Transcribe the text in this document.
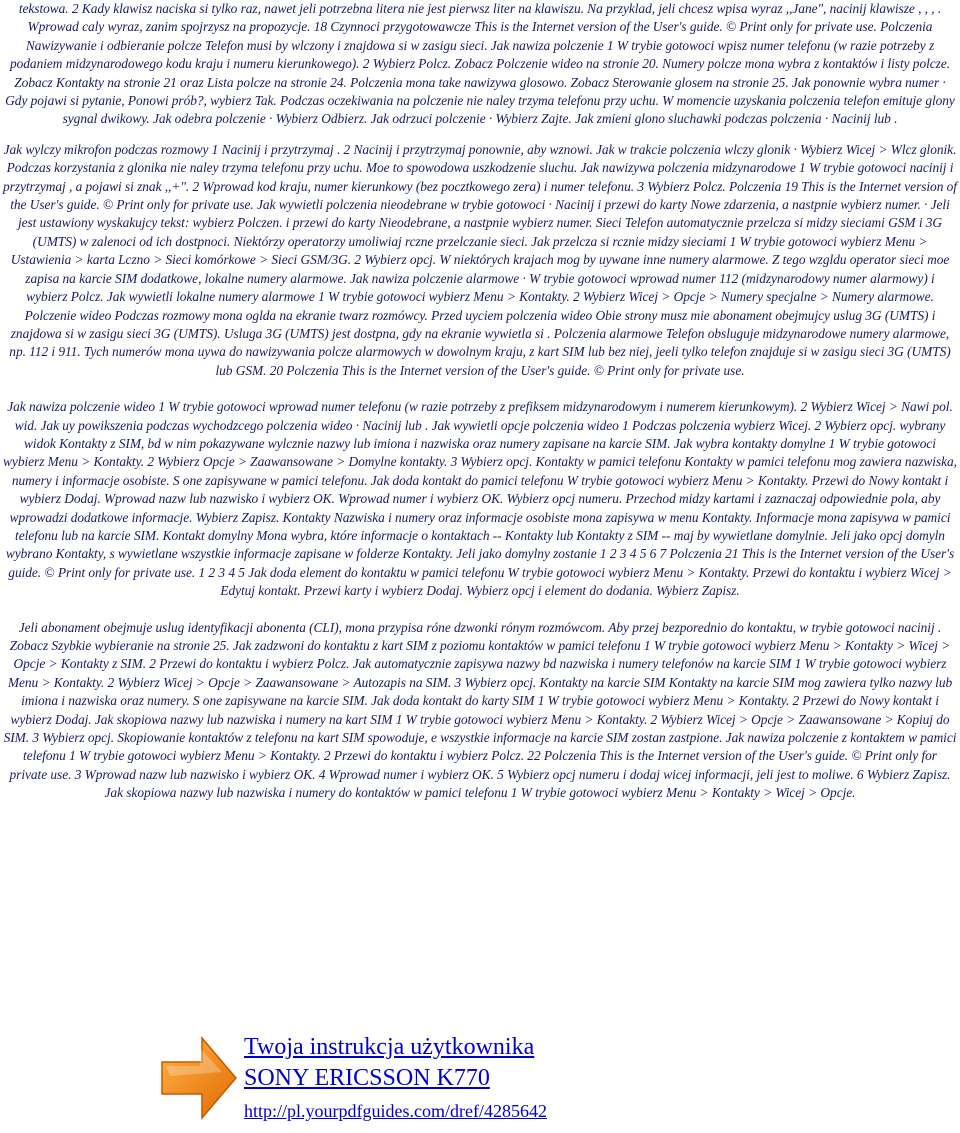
tekstowa. 2 Kady klawisz naciska si tylko raz, nawet jeli potrzebna litera nie jest pierwsz liter na klawiszu. Na przyklad, jeli chcesz wpisa wyraz ,,Jane", nacinij klawisze , , , . Wprowad caly wyraz, zanim spojrzysz na propozycje. 18 Czynnoci przygotowawcze This is the Internet version of the User's guide. © Print only for private use. Polczenia Nawizywanie i odbieranie polcze Telefon musi by wlczony i znajdowa si w zasigu sieci. Jak nawiza polczenie 1 W trybie gotowoci wpisz numer telefonu (w razie potrzeby z podaniem midzynarodowego kodu kraju i numeru kierunkowego). 2 Wybierz Polcz. Zobacz Polczenie wideo na stronie 20. Numery polcze mona wybra z kontaktów i listy polcze. Zobacz Kontakty na stronie 21 oraz Lista polcze na stronie 24. Polczenia mona take nawizywa glosowo. Zobacz Sterowanie glosem na stronie 25. Jak ponownie wybra numer · Gdy pojawi si pytanie, Ponowi prób?, wybierz Tak. Podczas oczekiwania na polczenie nie naley trzyma telefonu przy uchu. W momencie uzyskania polczenia telefon emituje glony sygnal dwikowy. Jak odebra polczenie · Wybierz Odbierz. Jak odrzuci polczenie · Wybierz Zajte. Jak zmieni glono sluchawki podczas polczenia · Nacinij lub .

Jak wylczy mikrofon podczas rozmowy 1 Nacinij i przytrzymaj . 2 Nacinij i przytrzymaj ponownie, aby wznowi. Jak w trakcie polczenia wlczy glonik · Wybierz Wicej > Wlcz glonik. Podczas korzystania z glonika nie naley trzyma telefonu przy uchu. Moe to spowodowa uszkodzenie sluchu. Jak nawizywa polczenia midzynarodowe 1 W trybie gotowoci nacinij i przytrzymaj , a pojawi si znak ,,+". 2 Wprowad kod kraju, numer kierunkowy (bez pocztkowego zera) i numer telefonu. 3 Wybierz Polcz. Polczenia 19 This is the Internet version of the User's guide. © Print only for private use. Jak wywietli polczenia nieodebrane w trybie gotowoci · Nacinij i przewi do karty Nowe zdarzenia, a nastpnie wybierz numer. · Jeli jest ustawiony wyskakujcy tekst: wybierz Polczen. i przewi do karty Nieodebrane, a nastpnie wybierz numer. Sieci Telefon automatycznie przelcza si midzy sieciami GSM i 3G (UMTS) w zalenoci od ich dostpnoci. Niektórzy operatorzy umoliwiaj rczne przelczanie sieci. Jak przelcza si rcznie midzy sieciami 1 W trybie gotowoci wybierz Menu > Ustawienia > karta Lczno > Sieci komórkowe > Sieci GSM/3G. 2 Wybierz opcj. W niektórych krajach mog by uywane inne numery alarmowe. Z tego wzgldu operator sieci moe zapisa na karcie SIM dodatkowe, lokalne numery alarmowe. Jak nawiza polczenie alarmowe · W trybie gotowoci wprowad numer 112 (midzynarodowy numer alarmowy) i wybierz Polcz. Jak wywietli lokalne numery alarmowe 1 W trybie gotowoci wybierz Menu > Kontakty. 2 Wybierz Wicej > Opcje > Numery specjalne > Numery alarmowe. Polczenie wideo Podczas rozmowy mona oglda na ekranie twarz rozmówcy. Przed uyciem polczenia wideo Obie strony musz mie abonament obejmujcy uslug 3G (UMTS) i znajdowa si w zasigu sieci 3G (UMTS). Usluga 3G (UMTS) jest dostpna, gdy na ekranie wywietla si . Polczenia alarmowe Telefon obsluguje midzynarodowe numery alarmowe, np. 112 i 911. Tych numerów mona uywa do nawizywania polcze alarmowych w dowolnym kraju, z kart SIM lub bez niej, jeeli tylko telefon znajduje si w zasigu sieci 3G (UMTS) lub GSM. 20 Polczenia This is the Internet version of the User's guide. © Print only for private use.

Jak nawiza polczenie wideo 1 W trybie gotowoci wprowad numer telefonu (w razie potrzeby z prefiksem midzynarodowym i numerem kierunkowym). 2 Wybierz Wicej > Nawi pol. wid. Jak uy powikszenia podczas wychodzcego polczenia wideo · Nacinij lub . Jak wywietli opcje polczenia wideo 1 Podczas polczenia wybierz Wicej. 2 Wybierz opcj. wybrany widok Kontakty z SIM, bd w nim pokazywane wylcznie nazwy lub imiona i nazwiska oraz numery zapisane na karcie SIM. Jak wybra kontakty domylne 1 W trybie gotowoci wybierz Menu > Kontakty. 2 Wybierz Opcje > Zaawansowane > Domylne kontakty. 3 Wybierz opcj. Kontakty w pamici telefonu Kontakty w pamici telefonu mog zawiera nazwiska, numery i informacje osobiste. S one zapisywane w pamici telefonu. Jak doda kontakt do pamici telefonu W trybie gotowoci wybierz Menu > Kontakty. Przewi do Nowy kontakt i wybierz Dodaj. Wprowad nazw lub nazwisko i wybierz OK. Wprowad numer i wybierz OK. Wybierz opcj numeru. Przechod midzy kartami i zaznaczaj odpowiednie pola, aby wprowadzi dodatkowe informacje. Wybierz Zapisz. Kontakty Nazwiska i numery oraz informacje osobiste mona zapisywa w menu Kontakty. Informacje mona zapisywa w pamici telefonu lub na karcie SIM. Kontakt domylny Mona wybra, które informacje o kontaktach -- Kontakty lub Kontakty z SIM -- maj by wywietlane domylnie. Jeli jako opcj domyln wybrano Kontakty, s wywietlane wszystkie informacje zapisane w folderze Kontakty. Jeli jako domylny zostanie 1 2 3 4 5 6 7 Polczenia 21 This is the Internet version of the User's guide. © Print only for private use. 1 2 3 4 5 Jak doda element do kontaktu w pamici telefonu W trybie gotowoci wybierz Menu > Kontakty. Przewi do kontaktu i wybierz Wicej > Edytuj kontakt. Przewi karty i wybierz Dodaj. Wybierz opcj i element do dodania. Wybierz Zapisz.

Jeli abonament obejmuje uslug identyfikacji abonenta (CLI), mona przypisa róne dzwonki rónym rozmówcom. Aby przej bezporednio do kontaktu, w trybie gotowoci nacinij . Zobacz Szybkie wybieranie na stronie 25. Jak zadzwoni do kontaktu z kart SIM z poziomu kontaktów w pamici telefonu 1 W trybie gotowoci wybierz Menu > Kontakty > Wicej > Opcje > Kontakty z SIM. 2 Przewi do kontaktu i wybierz Polcz. Jak automatycznie zapisywa nazwy bd nazwiska i numery telefonów na karcie SIM 1 W trybie gotowoci wybierz Menu > Kontakty. 2 Wybierz Wicej > Opcje > Zaawansowane > Autozapis na SIM. 3 Wybierz opcj. Kontakty na karcie SIM Kontakty na karcie SIM mog zawiera tylko nazwy lub imiona i nazwiska oraz numery. S one zapisywane na karcie SIM. Jak doda kontakt do karty SIM 1 W trybie gotowoci wybierz Menu > Kontakty. 2 Przewi do Nowy kontakt i wybierz Dodaj. Jak skopiowa nazwy lub nazwiska i numery na kart SIM 1 W trybie gotowoci wybierz Menu > Kontakty. 2 Wybierz Wicej > Opcje > Zaawansowane > Kopiuj do SIM. 3 Wybierz opcj. Skopiowanie kontaktów z telefonu na kart SIM spowoduje, e wszystkie informacje na karcie SIM zostan zastpione. Jak nawiza polczenie z kontaktem w pamici telefonu 1 W trybie gotowoci wybierz Menu > Kontakty. 2 Przewi do kontaktu i wybierz Polcz. 22 Polczenia This is the Internet version of the User's guide. © Print only for private use. 3 Wprowad nazw lub nazwisko i wybierz OK. 4 Wprowad numer i wybierz OK. 5 Wybierz opcj numeru i dodaj wicej informacji, jeli jest to moliwe. 6 Wybierz Zapisz. Jak skopiowa nazwy lub nazwiska i numery do kontaktów w pamici telefonu 1 W trybie gotowoci wybierz Menu > Kontakty > Wicej > Opcje.

Twoja instrukcja użytkownika
SONY ERICSSON K770
http://pl.yourpdfguides.com/dref/4285642
